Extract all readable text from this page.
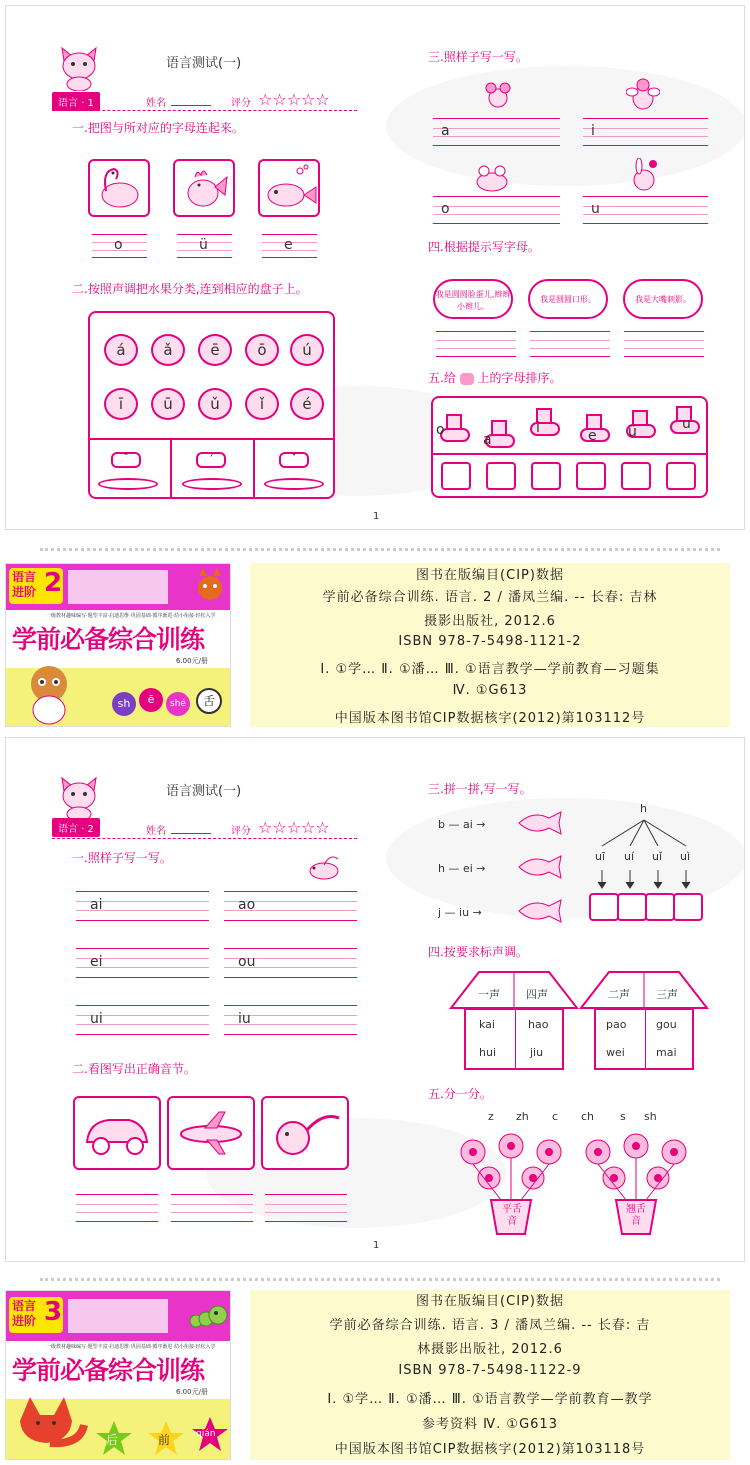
语言测试(一)
语言 · 1	姓名	评分 ☆☆☆☆☆
一.把图与所对应的字母连起来。
o	ü	e
二.按照声调把水果分类,连到相应的盘子上。
á	ǎ	ē	ō	ú
ī	ū	ǔ	ǐ	é
ˉ	ˊ	ˇ
三.照样子写一写。
a	i
o	u
四.根据提示写字母。
我是圆圆脸蛋儿,辫辫小辫儿。
我是圆圆口形。	我是大嘴刺影。
五.给 上的字母排序。
o
a
i	e ü	u
1
语言
进阶 2
一级教材趣味编写·题型丰富·启迪思维·巩固基础·循序渐进·幼小衔接·轻松入学
学前必备综合训练
6.00元/册
sh	ē	shé	舌
图书在版编目(CIP)数据
学前必备综合训练. 语言. 2 / 潘凤兰编. -- 长春: 吉林
摄影出版社, 2012.6
ISBN 978-7-5498-1121-2
Ⅰ. ①学… Ⅱ. ①潘… Ⅲ. ①语言教学—学前教育—习题集
Ⅳ. ①G613
中国版本图书馆CIP数据核字(2012)第103112号
语言测试(一)
语言 · 2	姓名	评分 ☆☆☆☆☆
一.照样子写一写。
ai	ao
ei	ou
ui	iu
二.看图写出正确音节。
三.拼一拼,写一写。
b — ai →
h — ei →
j — iu →
h
uī uí uǐ uì
四.按要求标声调。
一声 四声
kai	hao
hui	jiu
二声 三声
pao	gou
wei	mai
五.分一分。
z zh c ch s sh
平舌音
翘舌音
1
语言
进阶 3
一级教材趣味编写·题型丰富·启迪思维·巩固基础·循序渐进·幼小衔接·轻松入学
学前必备综合训练
6.00元/册
后	前	qián
图书在版编目(CIP)数据
学前必备综合训练. 语言. 3 / 潘凤兰编. -- 长春: 吉
林摄影出版社, 2012.6
ISBN 978-7-5498-1122-9
Ⅰ. ①学… Ⅱ. ①潘… Ⅲ. ①语言教学—学前教育—教学
参考资料 Ⅳ. ①G613
中国版本图书馆CIP数据核字(2012)第103118号
